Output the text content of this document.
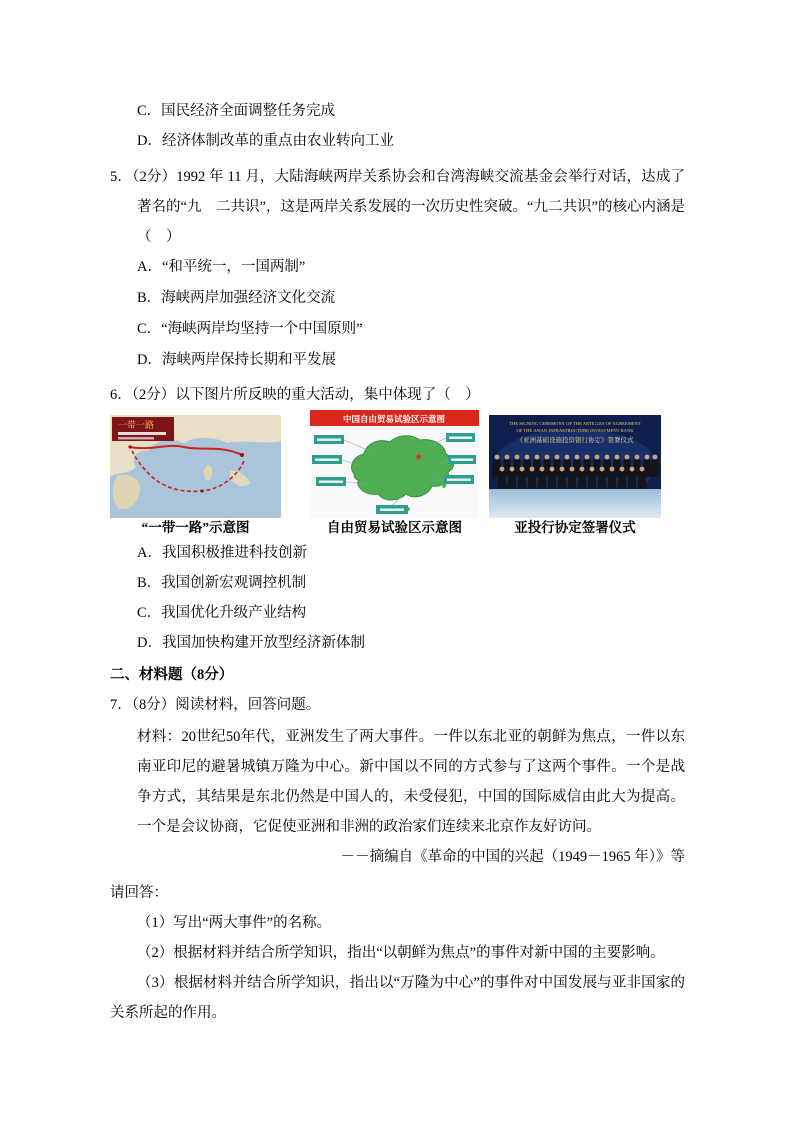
C．国民经济全面调整任务完成
D．经济体制改革的重点由农业转向工业
5．（2分）1992 年 11 月，大陆海峡两岸关系协会和台湾海峡交流基金会举行对话，达成了著名的“九　二共识”，这是两岸关系发展的一次历史性突破。“九二共识”的核心内涵是（　）
A．“和平统一，一国两制”
B．海峡两岸加强经济文化交流
C．“海峡两岸均坚持一个中国原则”
D．海峡两岸保持长期和平发展
6．（2分）以下图片所反映的重大活动，集中体现了（　）
一带一路
“一带一路”示意图
中国自由贸易试验区示意图
★
自由贸易试验区示意图
THE SIGNING CEREMONY OF THE ARTICLES OF AGREEMENT
OF THE ASIAN INFRASTRUCTURE INVESTMENT BANK
《亚洲基础设施投资银行协定》签署仪式
亚投行协定签署仪式
A．我国积极推进科技创新
B．我国创新宏观调控机制
C．我国优化升级产业结构
D．我国加快构建开放型经济新体制
二、材料题（8分）
7．（8分）阅读材料，回答问题。
材料：20世纪50年代，亚洲发生了两大事件。一件以东北亚的朝鲜为焦点，一件以东南亚印尼的避暑城镇万隆为中心。新中国以不同的方式参与了这两个事件。一个是战争方式，其结果是东北仍然是中国人的，未受侵犯，中国的国际威信由此大为提高。一个是会议协商，它促使亚洲和非洲的政治家们连续来北京作友好访问。
－－摘编自《革命的中国的兴起（1949－1965 年）》等
请回答：
（1）写出“两大事件”的名称。
（2）根据材料并结合所学知识，指出“以朝鲜为焦点”的事件对新中国的主要影响。
（3）根据材料并结合所学知识，指出以“万隆为中心”的事件对中国发展与亚非国家的关系所起的作用。
